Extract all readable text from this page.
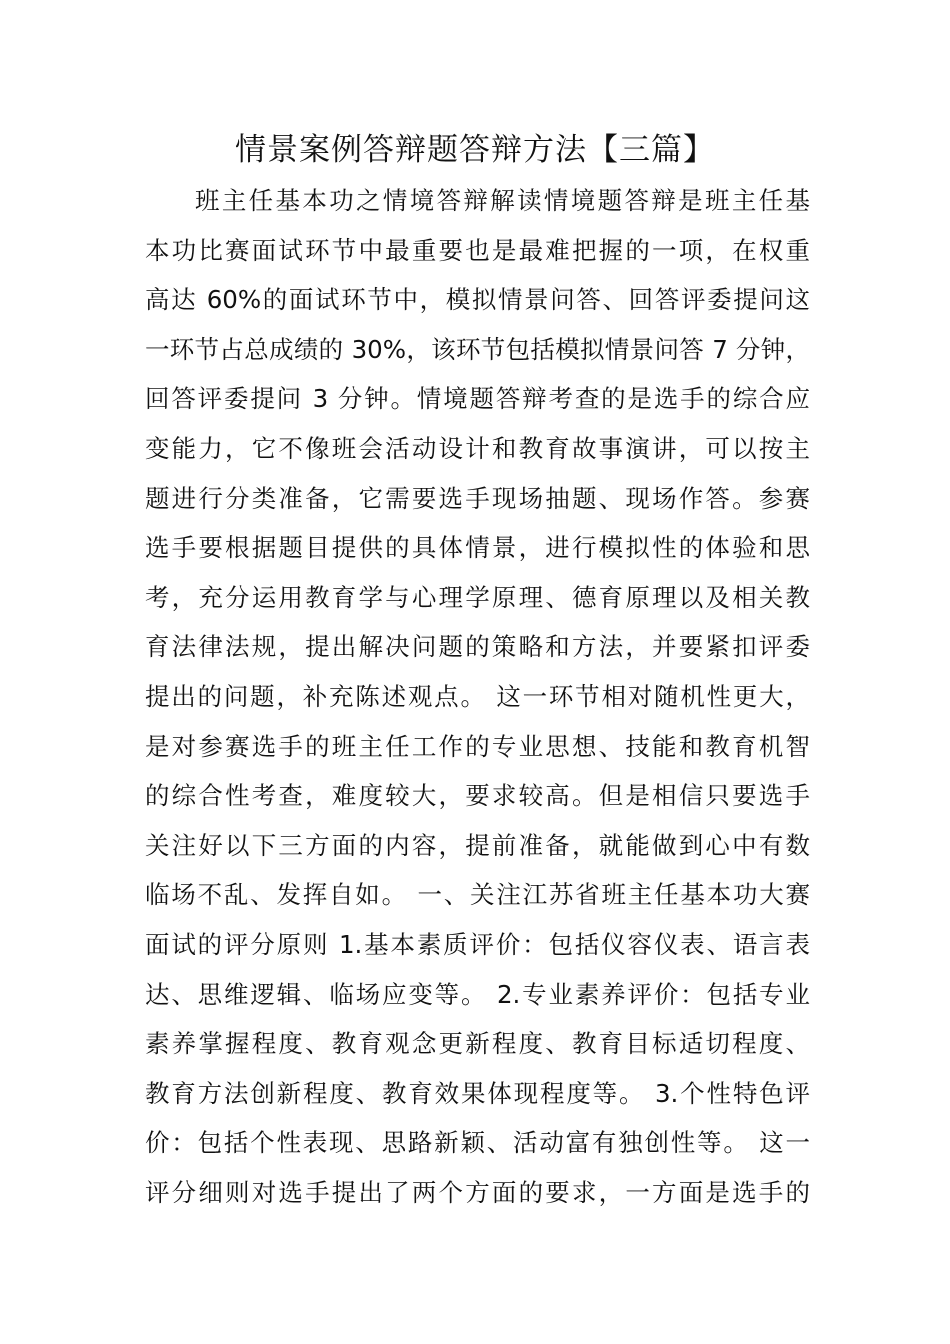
情景案例答辩题答辩方法【三篇】
班主任基本功之情境答辩解读情境题答辩是班主任基
本功比赛面试环节中最重要也是最难把握的一项，在权重
高达 60%的面试环节中，模拟情景问答、回答评委提问这
一环节占总成绩的 30%，该环节包括模拟情景问答 7 分钟，
回答评委提问 3 分钟。情境题答辩考查的是选手的综合应
变能力，它不像班会活动设计和教育故事演讲，可以按主
题进行分类准备，它需要选手现场抽题、现场作答。参赛
选手要根据题目提供的具体情景，进行模拟性的体验和思
考，充分运用教育学与心理学原理、德育原理以及相关教
育法律法规，提出解决问题的策略和方法，并要紧扣评委
提出的问题，补充陈述观点。 这一环节相对随机性更大，
是对参赛选手的班主任工作的专业思想、技能和教育机智
的综合性考查，难度较大，要求较高。但是相信只要选手
关注好以下三方面的内容，提前准备，就能做到心中有数
临场不乱、发挥自如。 一、关注江苏省班主任基本功大赛
面试的评分原则 1.基本素质评价：包括仪容仪表、语言表
达、思维逻辑、临场应变等。 2.专业素养评价：包括专业
素养掌握程度、教育观念更新程度、教育目标适切程度、
教育方法创新程度、教育效果体现程度等。 3.个性特色评
价：包括个性表现、思路新颖、活动富有独创性等。 这一
评分细则对选手提出了两个方面的要求，一方面是选手的
